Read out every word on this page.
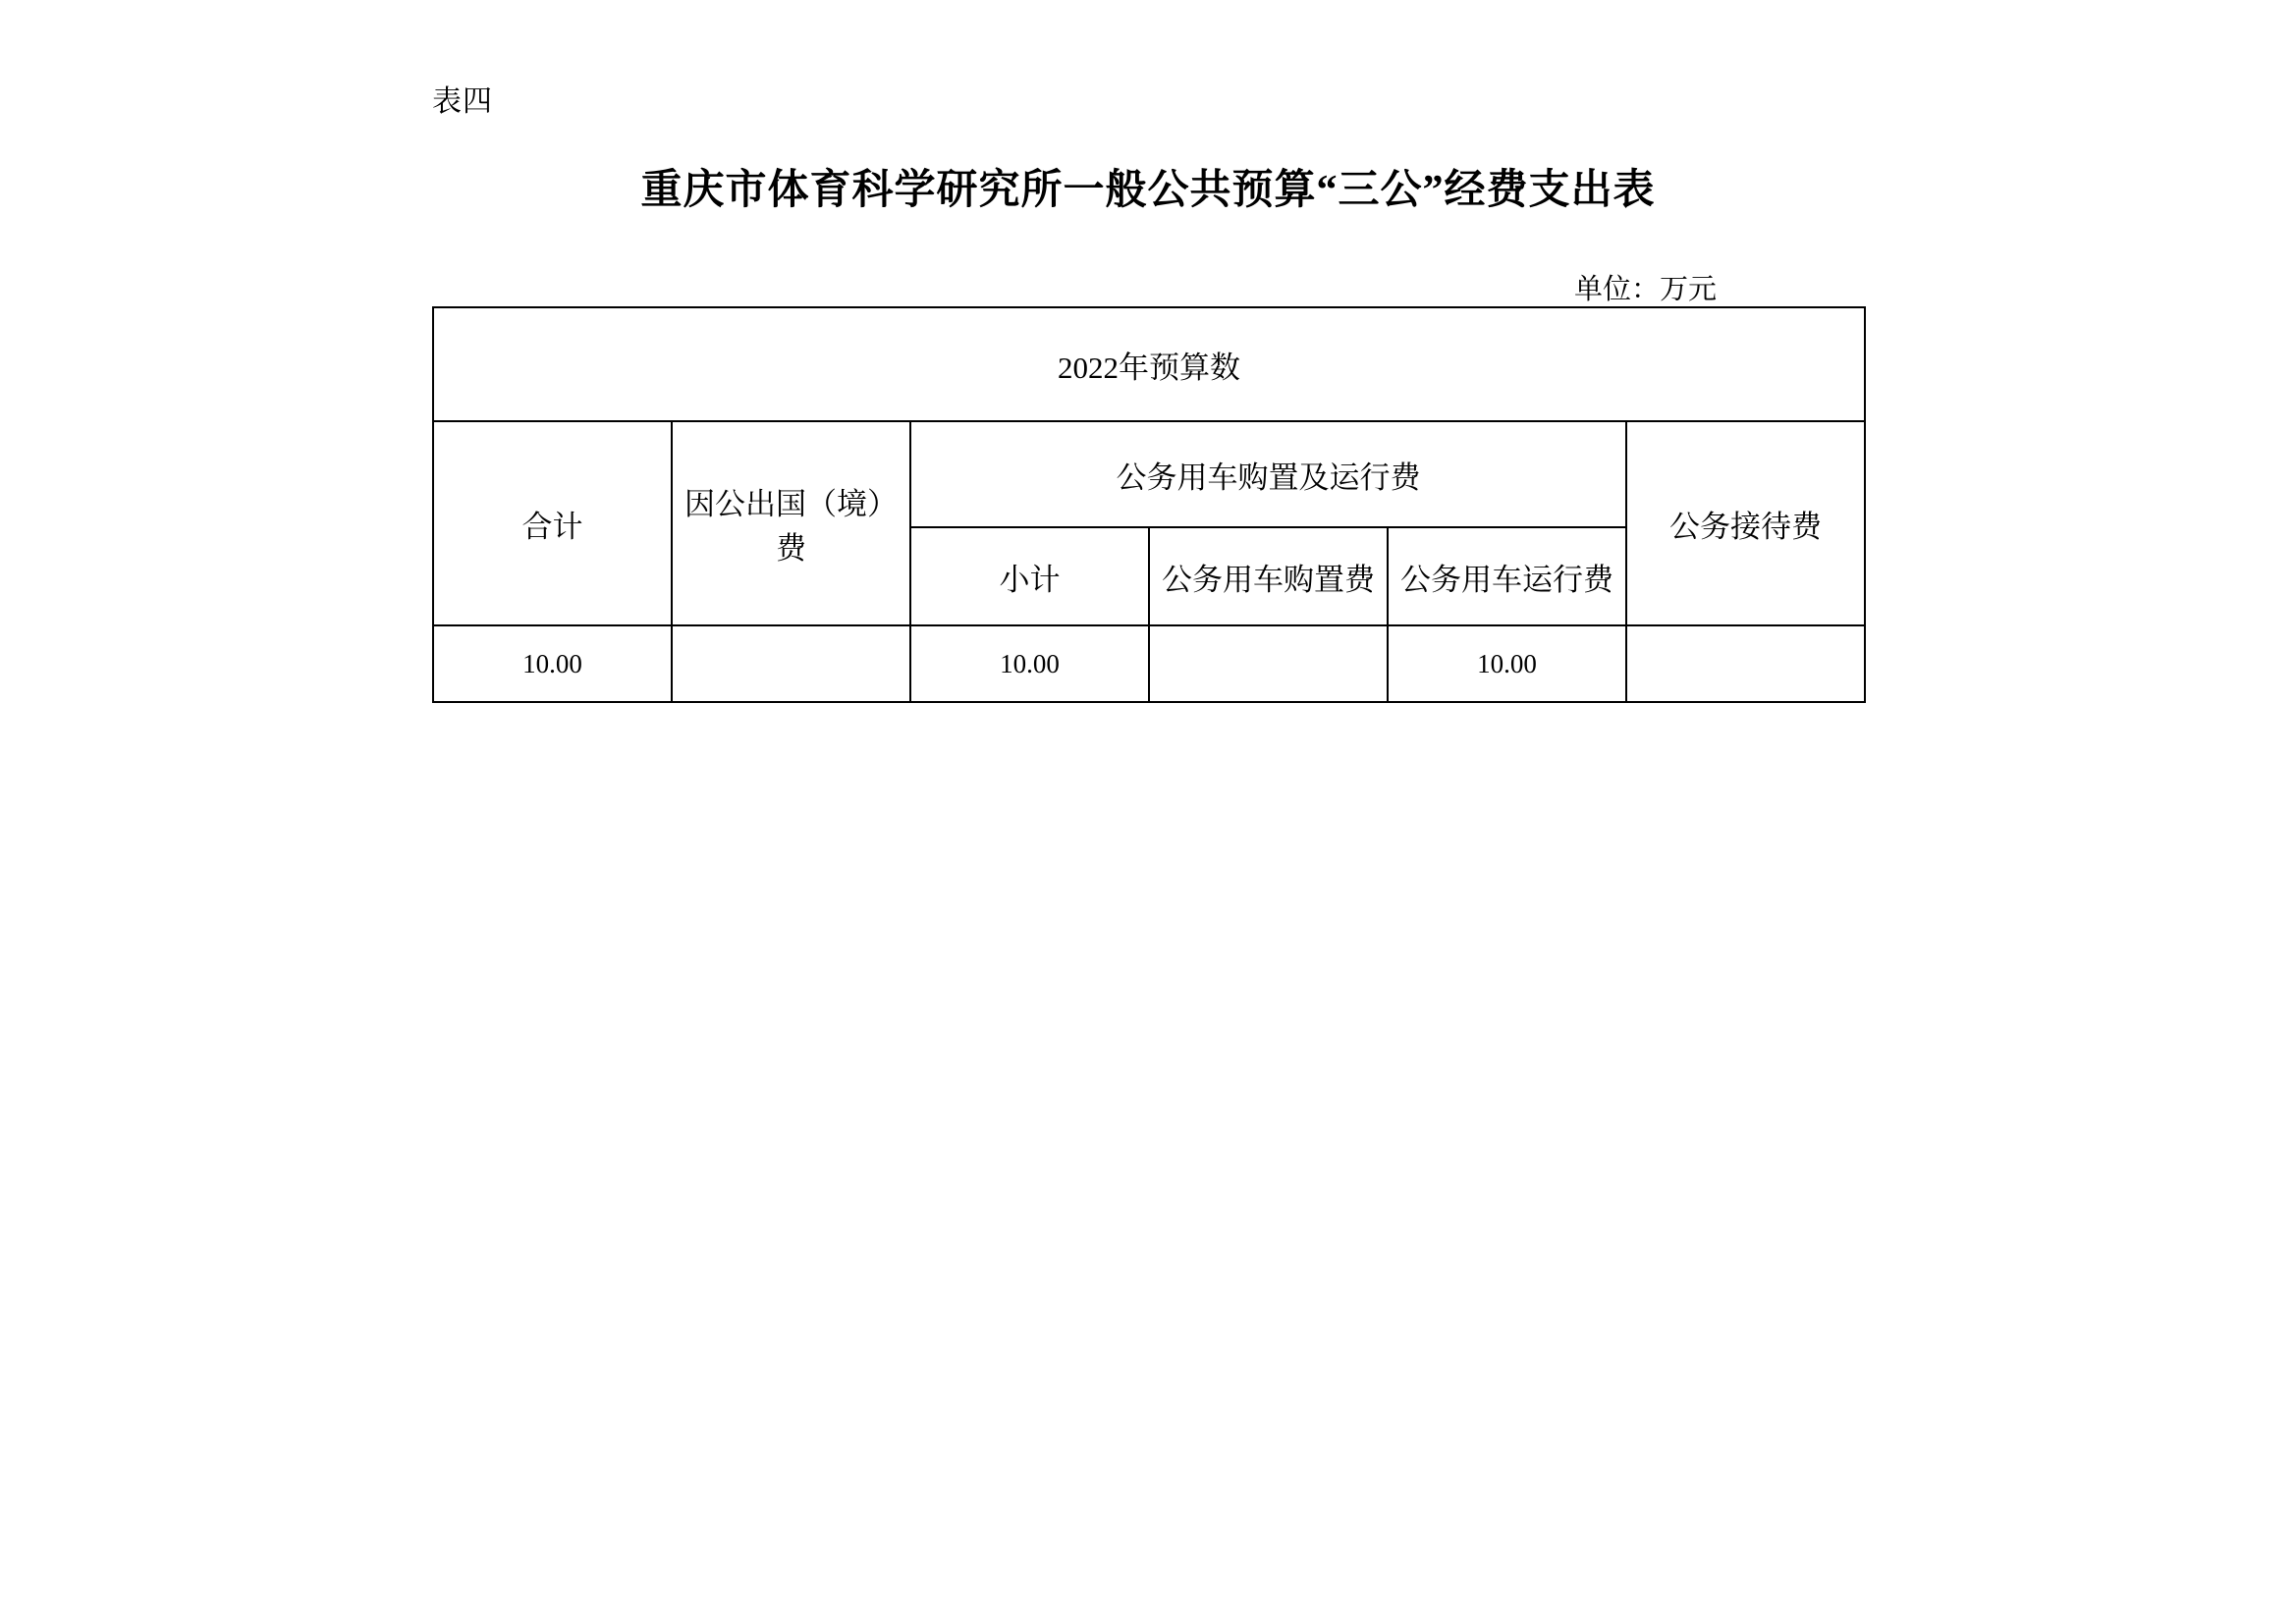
表四
重庆市体育科学研究所一般公共预算“三公”经费支出表
单位：万元
2022年预算数					
合计	因公出国（境）费	公务用车购置及运行费			公务接待费
		小计	公务用车购置费	公务用车运行费	
10.00		10.00		10.00	
